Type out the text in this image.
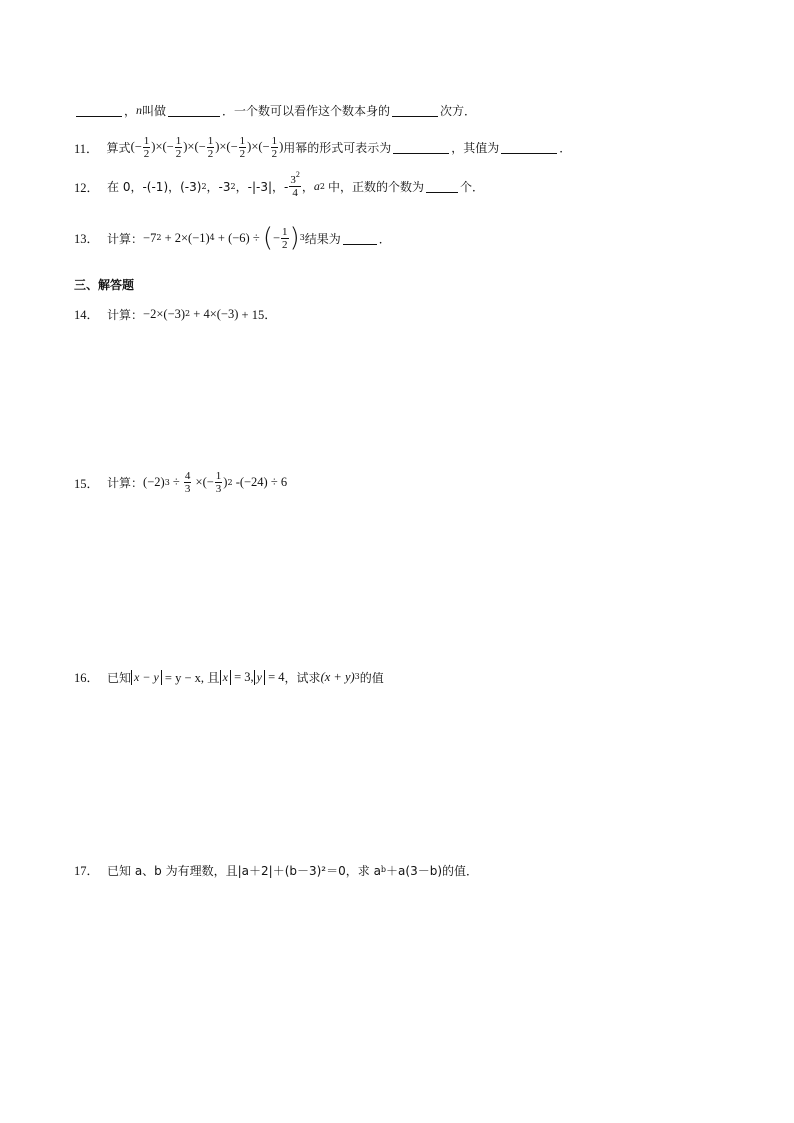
， n 叫做	．一个数可以看作这个数本身的	次方．
11． 算式 (− $\frac{1}{2}$ )×(− $\frac{1}{2}$ )×(− $\frac{1}{2}$ )×(− $\frac{1}{2}$ )×(− $\frac{1}{2}$ ) 用幂的形式可表示为	，其值为	．
12． 在 0，-(-1)，(-3) 2 ，-3 2 ，-|-3|，- $\frac{3^2}{4}$ ， a 2 中，正数的个数为	个．
13． 计算： −7 2 + 2×(−1) 4 + (−6) ÷ ( − $\frac{1}{2}$ ) 3 结果为	．
三、解答题
14． 计算： −2× ( −3 ) 2 + 4× ( −3 ) + 15．
15． 计算： ( −2 ) $3 \div \frac{4}{3}$ ×(− $\frac{1}{3}$ ) 2 -(−24) ÷ 6
16． 已知 x − y = y − x, 且 x = 3, y = 4 ，试求 (x + y) 3 的值
17． 已知 a、b 为有理数，且|a＋2|＋(b－3)²＝0，求 a b ＋a(3－b)的值．
